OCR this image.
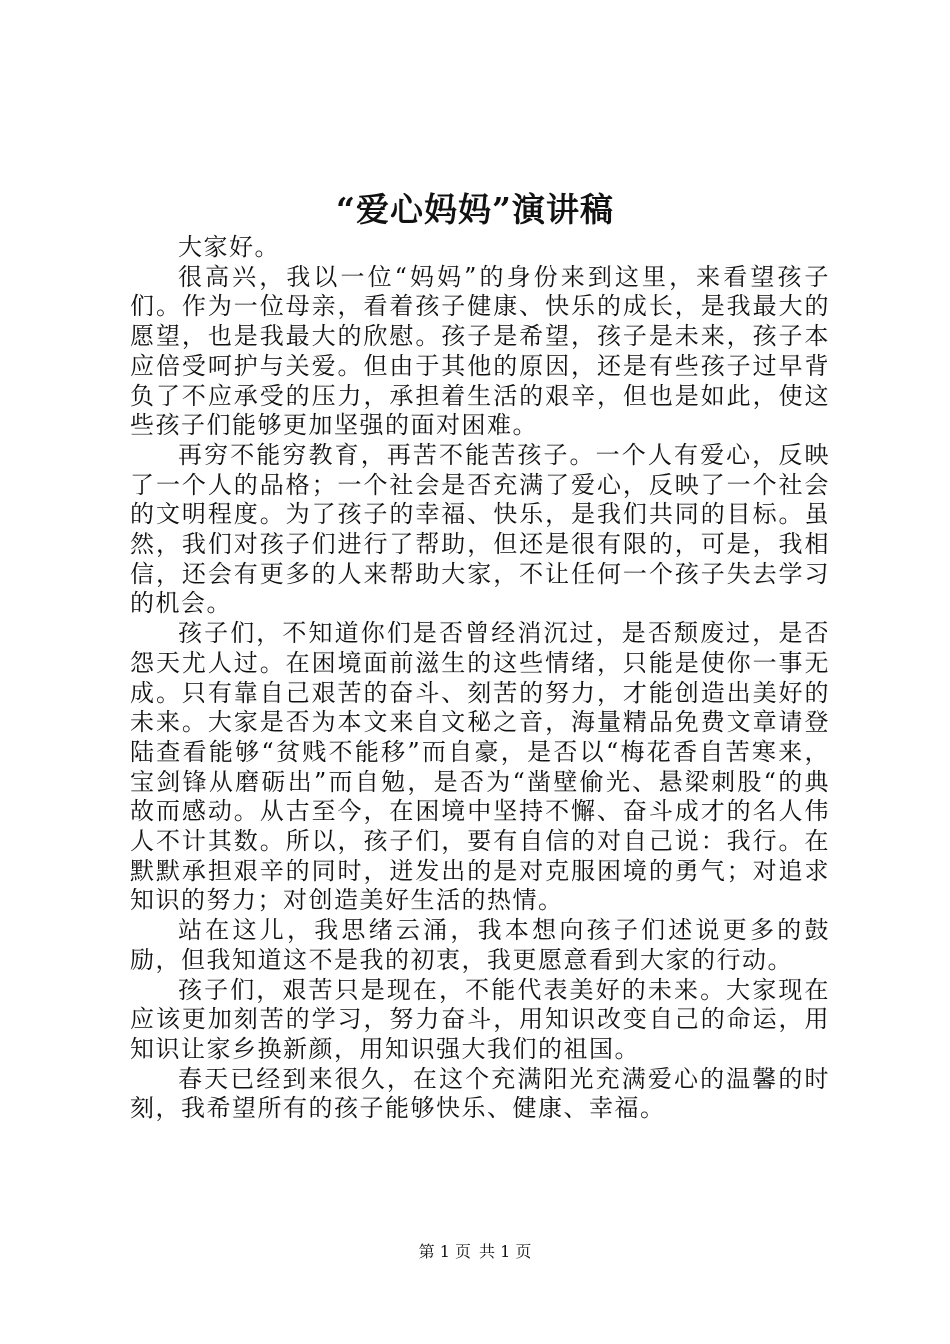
“爱心妈妈”演讲稿

大家好。

很高兴，我以一位“妈妈”的身份来到这里，来看望孩子们。作为一位母亲，看着孩子健康、快乐的成长，是我最大的愿望，也是我最大的欣慰。孩子是希望，孩子是未来，孩子本应倍受呵护与关爱。但由于其他的原因，还是有些孩子过早背负了不应承受的压力，承担着生活的艰辛，但也是如此，使这些孩子们能够更加坚强的面对困难。

再穷不能穷教育，再苦不能苦孩子。一个人有爱心，反映了一个人的品格；一个社会是否充满了爱心，反映了一个社会的文明程度。为了孩子的幸福、快乐，是我们共同的目标。虽然，我们对孩子们进行了帮助，但还是很有限的，可是，我相信，还会有更多的人来帮助大家，不让任何一个孩子失去学习的机会。

孩子们，不知道你们是否曾经消沉过，是否颓废过，是否怨天尤人过。在困境面前滋生的这些情绪，只能是使你一事无成。只有靠自己艰苦的奋斗、刻苦的努力，才能创造出美好的未来。大家是否为本文来自文秘之音，海量精品免费文章请登陆查看能够“贫贱不能移”而自豪，是否以“梅花香自苦寒来，宝剑锋从磨砺出”而自勉，是否为“凿壁偷光、悬梁刺股“的典故而感动。从古至今，在困境中坚持不懈、奋斗成才的名人伟人不计其数。所以，孩子们，要有自信的对自己说：我行。在默默承担艰辛的同时，迸发出的是对克服困境的勇气；对追求知识的努力；对创造美好生活的热情。

站在这儿，我思绪云涌，我本想向孩子们述说更多的鼓励，但我知道这不是我的初衷，我更愿意看到大家的行动。

孩子们，艰苦只是现在，不能代表美好的未来。大家现在应该更加刻苦的学习，努力奋斗，用知识改变自己的命运，用知识让家乡换新颜，用知识强大我们的祖国。

春天已经到来很久，在这个充满阳光充满爱心的温馨的时刻，我希望所有的孩子能够快乐、健康、幸福。

第 1 页 共 1 页
